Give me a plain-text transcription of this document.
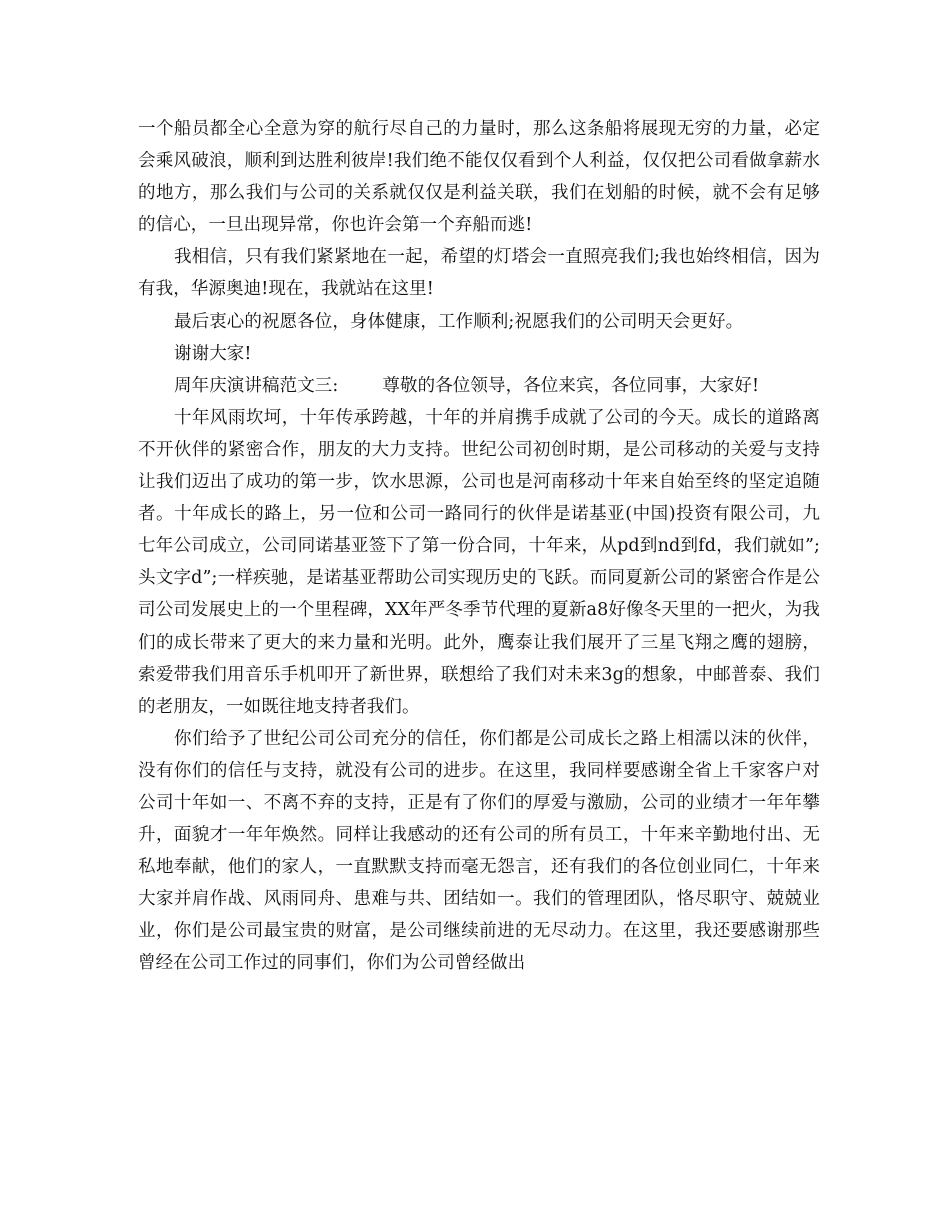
一个船员都全心全意为穿的航行尽自己的力量时，那么这条船将展现无穷的力量，必定会乘风破浪，顺利到达胜利彼岸!我们绝不能仅仅看到个人利益，仅仅把公司看做拿薪水的地方，那么我们与公司的关系就仅仅是利益关联，我们在划船的时候，就不会有足够的信心，一旦出现异常，你也许会第一个弃船而逃!

我相信，只有我们紧紧地在一起，希望的灯塔会一直照亮我们;我也始终相信，因为有我，华源奥迪!现在，我就站在这里!

最后衷心的祝愿各位，身体健康，工作顺利;祝愿我们的公司明天会更好。

谢谢大家!

周年庆演讲稿范文三:	尊敬的各位领导，各位来宾，各位同事，大家好!

十年风雨坎坷，十年传承跨越，十年的并肩携手成就了公司的今天。成长的道路离不开伙伴的紧密合作，朋友的大力支持。世纪公司初创时期，是公司移动的关爱与支持让我们迈出了成功的第一步，饮水思源，公司也是河南移动十年来自始至终的坚定追随者。十年成长的路上，另一位和公司一路同行的伙伴是诺基亚(中国)投资有限公司，九七年公司成立，公司同诺基亚签下了第一份合同，十年来，从pd到nd到fd，我们就如”;头文字d”;一样疾驰，是诺基亚帮助公司实现历史的飞跃。而同夏新公司的紧密合作是公司公司发展史上的一个里程碑，XX年严冬季节代理的夏新a8好像冬天里的一把火，为我们的成长带来了更大的来力量和光明。此外，鹰泰让我们展开了三星飞翔之鹰的翅膀，索爱带我们用音乐手机叩开了新世界，联想给了我们对未来3g的想象，中邮普泰、我们的老朋友，一如既往地支持者我们。

你们给予了世纪公司公司充分的信任，你们都是公司成长之路上相濡以沫的伙伴，没有你们的信任与支持，就没有公司的进步。在这里，我同样要感谢全省上千家客户对公司十年如一、不离不弃的支持，正是有了你们的厚爱与激励，公司的业绩才一年年攀升，面貌才一年年焕然。同样让我感动的还有公司的所有员工，十年来辛勤地付出、无私地奉献，他们的家人，一直默默支持而毫无怨言，还有我们的各位创业同仁，十年来大家并肩作战、风雨同舟、患难与共、团结如一。我们的管理团队，恪尽职守、兢兢业业，你们是公司最宝贵的财富，是公司继续前进的无尽动力。在这里，我还要感谢那些曾经在公司工作过的同事们，你们为公司曾经做出
